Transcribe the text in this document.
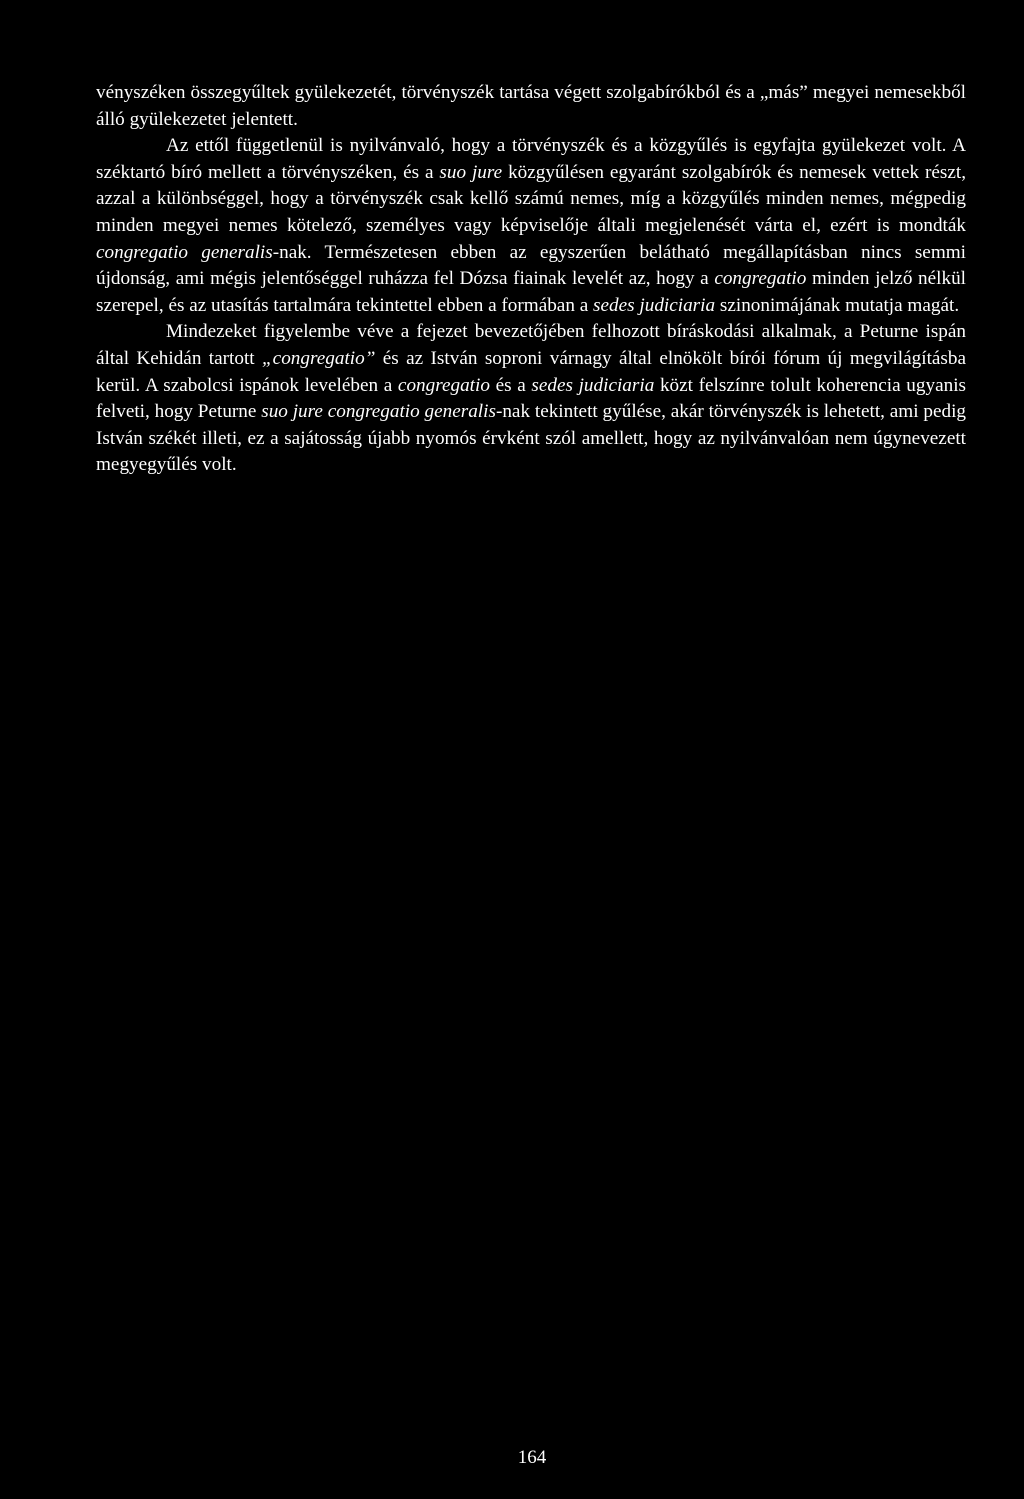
vényszéken összegyűltek gyülekezetét, törvényszék tartása végett szolgabírókból és a „más” megyei nemesekből álló gyülekezetet jelentett.

Az ettől függetlenül is nyilvánvaló, hogy a törvényszék és a közgyűlés is egyfajta gyülekezet volt. A széktartó bíró mellett a törvényszéken, és a suo jure közgyűlésen egyaránt szolgabírók és nemesek vettek részt, azzal a különbséggel, hogy a törvényszék csak kellő számú nemes, míg a közgyűlés minden nemes, mégpedig minden megyei nemes kötelező, személyes vagy képviselője általi megjelenését várta el, ezért is mondták congregatio generalis-nak. Természetesen ebben az egyszerűen belátható megállapításban nincs semmi újdonság, ami mégis jelentőséggel ruházza fel Dózsa fiainak levelét az, hogy a congregatio minden jelző nélkül szerepel, és az utasítás tartalmára tekintettel ebben a formában a sedes judiciaria szinonimájának mutatja magát.

Mindezeket figyelembe véve a fejezet bevezetőjében felhozott bíráskodási alkalmak, a Peturne ispán által Kehidán tartott „congregatio” és az István soproni várnagy által elnökölt bírói fórum új megvilágításba kerül. A szabolcsi ispánok levelében a congregatio és a sedes judiciaria közt felszínre tolult koherencia ugyanis felveti, hogy Peturne suo jure congregatio generalis-nak tekintett gyűlése, akár törvényszék is lehetett, ami pedig István székét illeti, ez a sajátosság újabb nyomós érvként szól amellett, hogy az nyilvánvalóan nem úgynevezett megyegyűlés volt.

164
